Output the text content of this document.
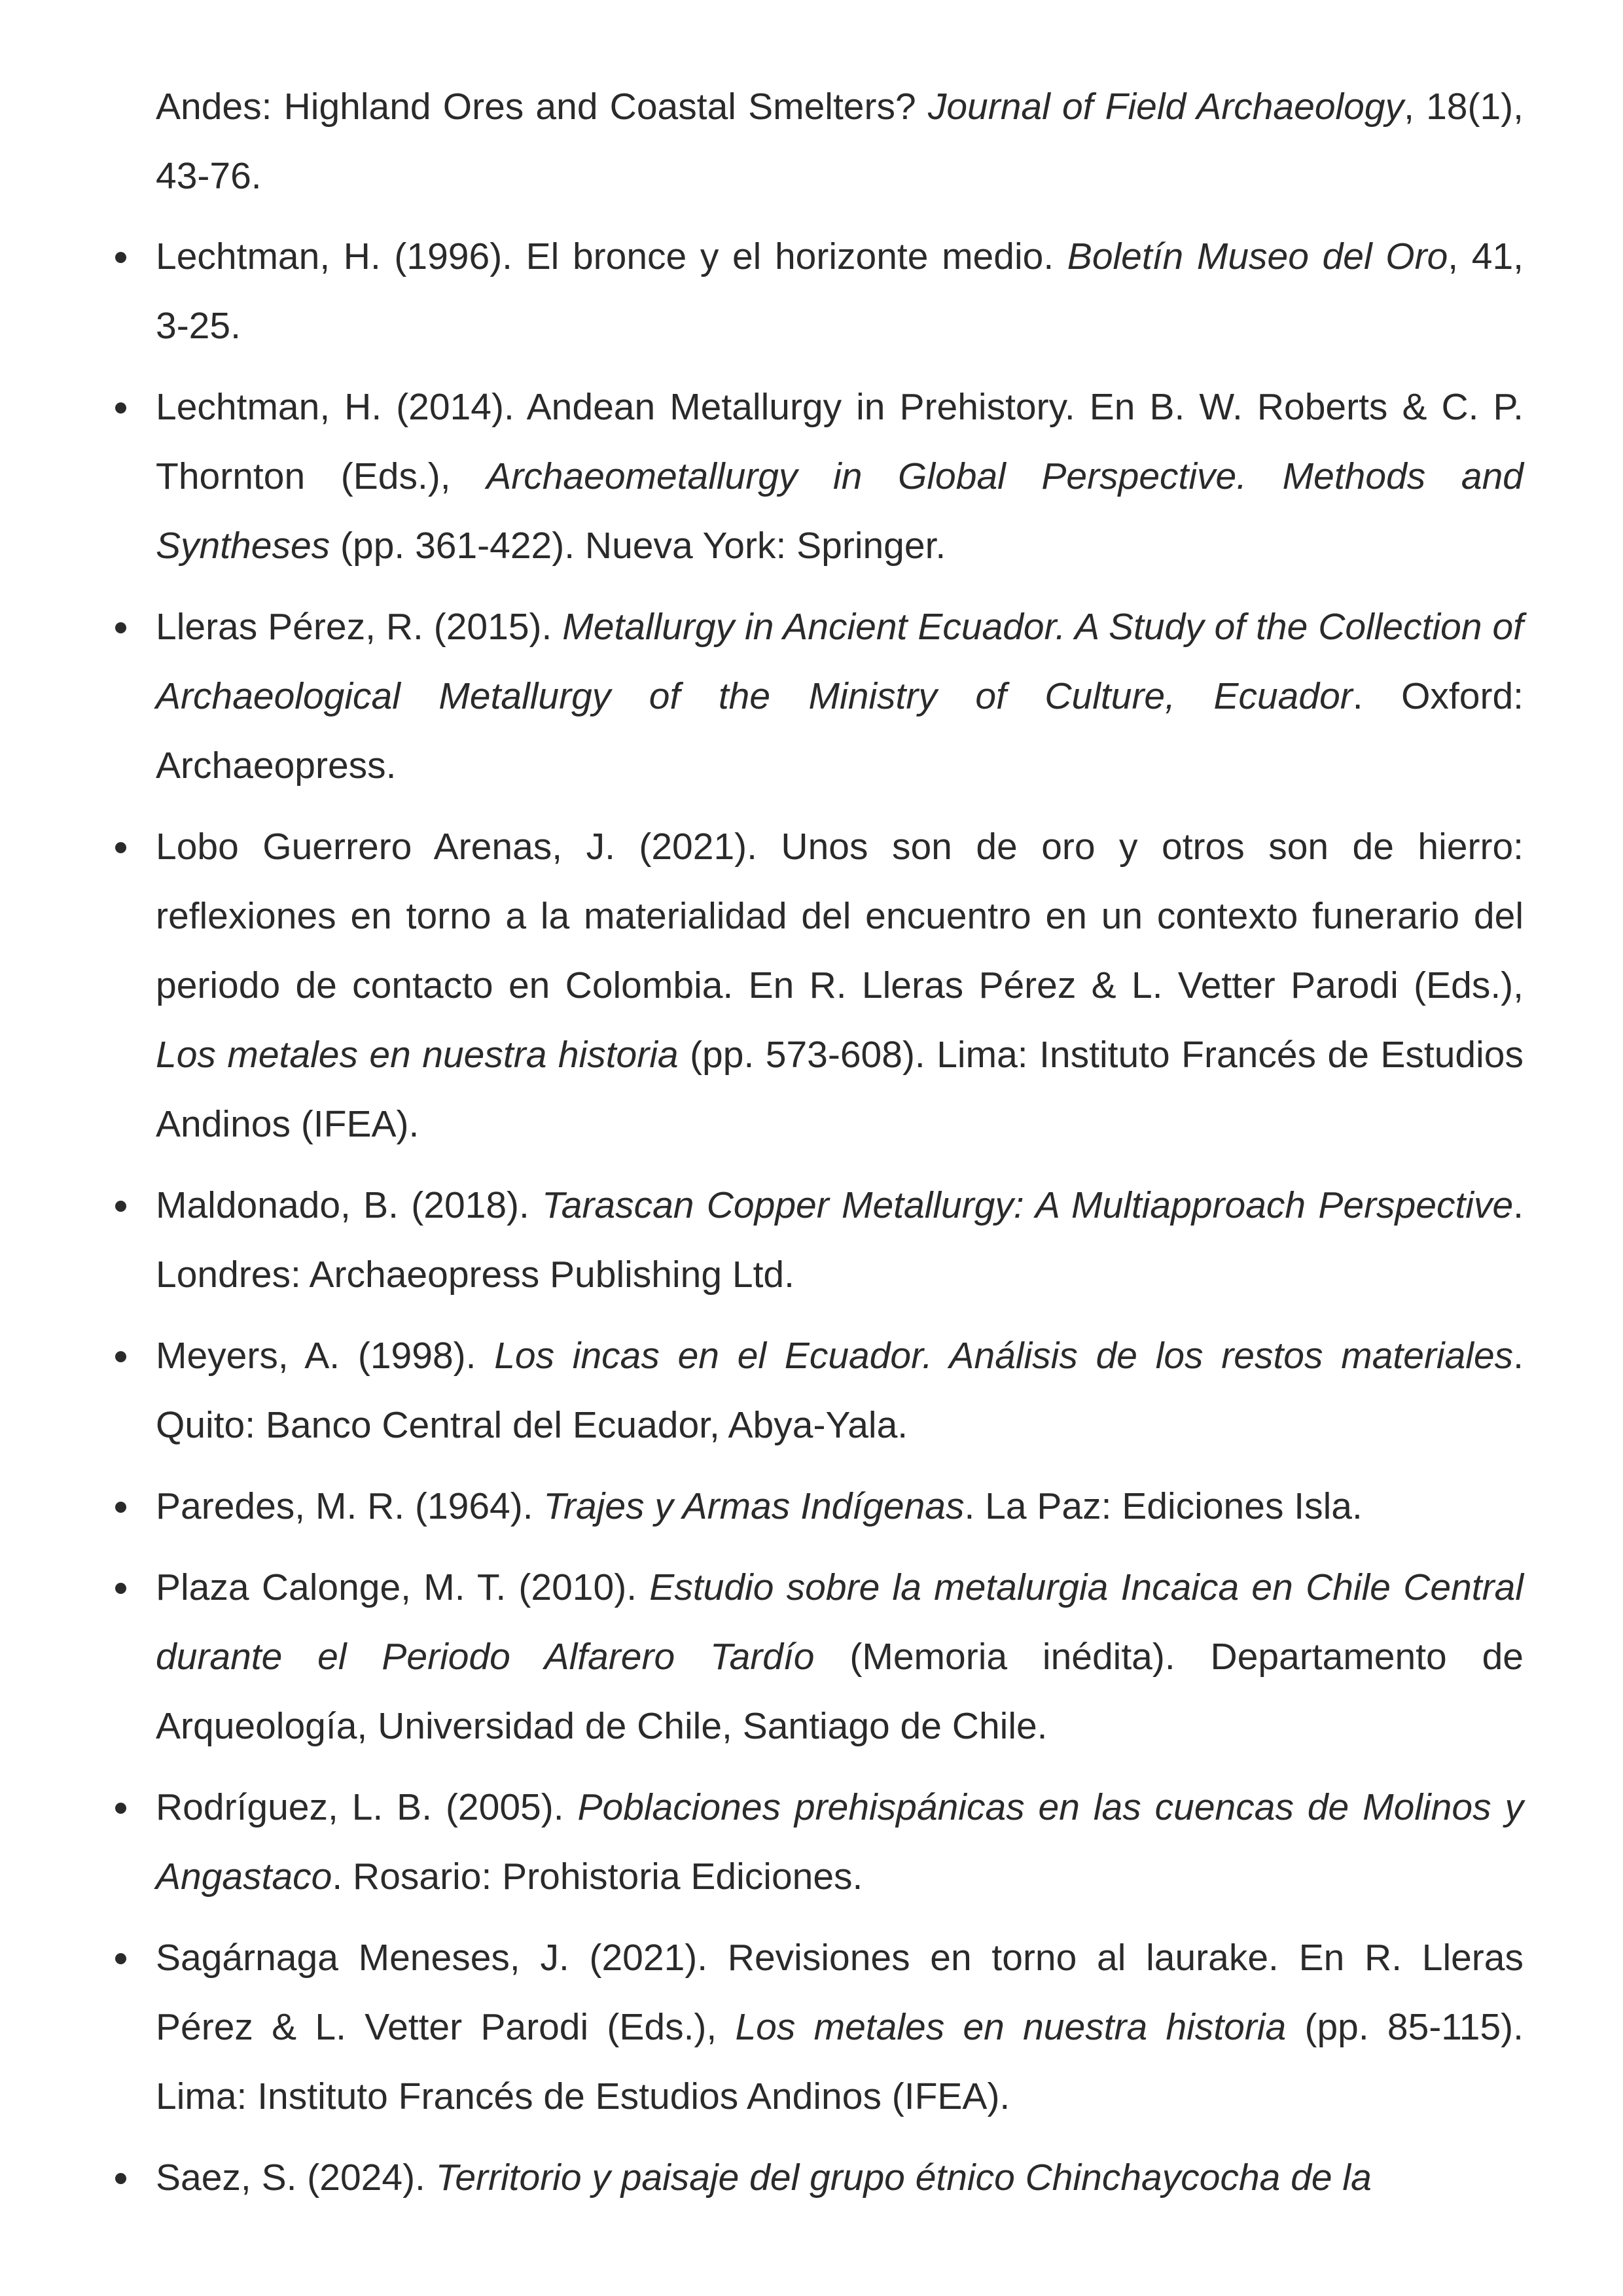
Andes: Highland Ores and Coastal Smelters? Journal of Field Archaeology, 18(1), 43-76.
Lechtman, H. (1996). El bronce y el horizonte medio. Boletín Museo del Oro, 41, 3-25.
Lechtman, H. (2014). Andean Metallurgy in Prehistory. En B. W. Roberts & C. P. Thornton (Eds.), Archaeometallurgy in Global Perspective. Methods and Syntheses (pp. 361-422). Nueva York: Springer.
Lleras Pérez, R. (2015). Metallurgy in Ancient Ecuador. A Study of the Collection of Archaeological Metallurgy of the Ministry of Culture, Ecuador. Oxford: Archaeopress.
Lobo Guerrero Arenas, J. (2021). Unos son de oro y otros son de hierro: reflexiones en torno a la materialidad del encuentro en un contexto funerario del periodo de contacto en Colombia. En R. Lleras Pérez & L. Vetter Parodi (Eds.), Los metales en nuestra historia (pp. 573-608). Lima: Instituto Francés de Estudios Andinos (IFEA).
Maldonado, B. (2018). Tarascan Copper Metallurgy: A Multiapproach Perspective. Londres: Archaeopress Publishing Ltd.
Meyers, A. (1998). Los incas en el Ecuador. Análisis de los restos materiales. Quito: Banco Central del Ecuador, Abya-Yala.
Paredes, M. R. (1964). Trajes y Armas Indígenas. La Paz: Ediciones Isla.
Plaza Calonge, M. T. (2010). Estudio sobre la metalurgia Incaica en Chile Central durante el Periodo Alfarero Tardío (Memoria inédita). Departamento de Arqueología, Universidad de Chile, Santiago de Chile.
Rodríguez, L. B. (2005). Poblaciones prehispánicas en las cuencas de Molinos y Angastaco. Rosario: Prohistoria Ediciones.
Sagárnaga Meneses, J. (2021). Revisiones en torno al laurake. En R. Lleras Pérez & L. Vetter Parodi (Eds.), Los metales en nuestra historia (pp. 85-115). Lima: Instituto Francés de Estudios Andinos (IFEA).
Saez, S. (2024). Territorio y paisaje del grupo étnico Chinchaycocha de la
